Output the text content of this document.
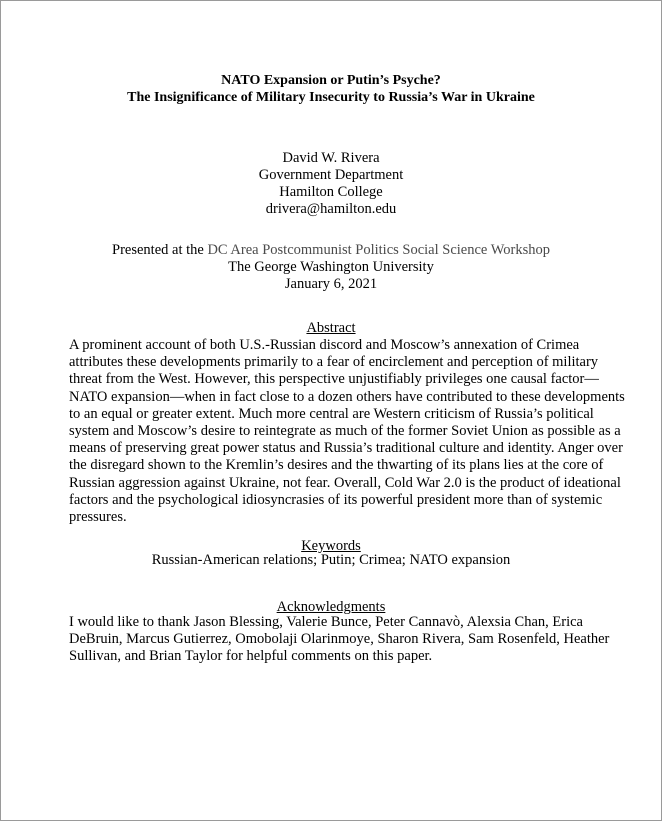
NATO Expansion or Putin’s Psyche?
The Insignificance of Military Insecurity to Russia’s War in Ukraine
David W. Rivera
Government Department
Hamilton College
drivera@hamilton.edu
Presented at the DC Area Postcommunist Politics Social Science Workshop
The George Washington University
January 6, 2021
Abstract
A prominent account of both U.S.-Russian discord and Moscow’s annexation of Crimea
attributes these developments primarily to a fear of encirclement and perception of military
threat from the West. However, this perspective unjustifiably privileges one causal factor—
NATO expansion—when in fact close to a dozen others have contributed to these developments
to an equal or greater extent. Much more central are Western criticism of Russia’s political
system and Moscow’s desire to reintegrate as much of the former Soviet Union as possible as a
means of preserving great power status and Russia’s traditional culture and identity. Anger over
the disregard shown to the Kremlin’s desires and the thwarting of its plans lies at the core of
Russian aggression against Ukraine, not fear. Overall, Cold War 2.0 is the product of ideational
factors and the psychological idiosyncrasies of its powerful president more than of systemic
pressures.
Keywords
Russian-American relations; Putin; Crimea; NATO expansion
Acknowledgments
I would like to thank Jason Blessing, Valerie Bunce, Peter Cannavò, Alexsia Chan, Erica
DeBruin, Marcus Gutierrez, Omobolaji Olarinmoye, Sharon Rivera, Sam Rosenfeld, Heather
Sullivan, and Brian Taylor for helpful comments on this paper.
